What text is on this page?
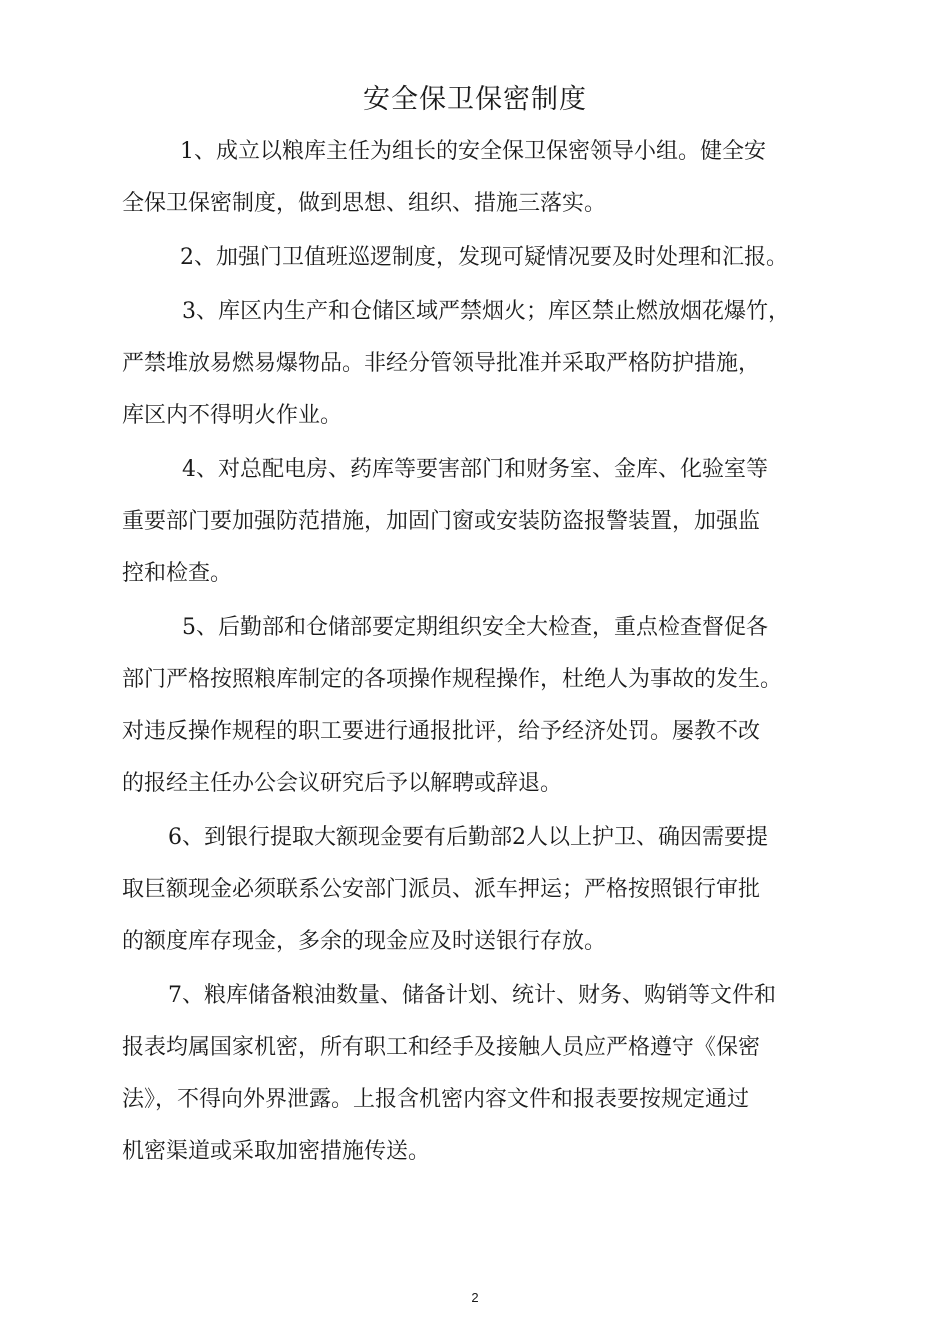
安全保卫保密制度

1、成立以粮库主任为组长的安全保卫保密领导小组。健全安
全保卫保密制度，做到思想、组织、措施三落实。

2、加强门卫值班巡逻制度，发现可疑情况要及时处理和汇报。

3、库区内生产和仓储区域严禁烟火；库区禁止燃放烟花爆竹，
严禁堆放易燃易爆物品。非经分管领导批准并采取严格防护措施，
库区内不得明火作业。

4、对总配电房、药库等要害部门和财务室、金库、化验室等
重要部门要加强防范措施，加固门窗或安装防盗报警装置，加强监
控和检查。

5、后勤部和仓储部要定期组织安全大检查，重点检查督促各
部门严格按照粮库制定的各项操作规程操作，杜绝人为事故的发生。
对违反操作规程的职工要进行通报批评，给予经济处罚。屡教不改
的报经主任办公会议研究后予以解聘或辞退。

6、到银行提取大额现金要有后勤部2人以上护卫、确因需要提
取巨额现金必须联系公安部门派员、派车押运；严格按照银行审批
的额度库存现金，多余的现金应及时送银行存放。

7、粮库储备粮油数量、储备计划、统计、财务、购销等文件和
报表均属国家机密，所有职工和经手及接触人员应严格遵守《保密
法》，不得向外界泄露。上报含机密内容文件和报表要按规定通过
机密渠道或采取加密措施传送。

2
